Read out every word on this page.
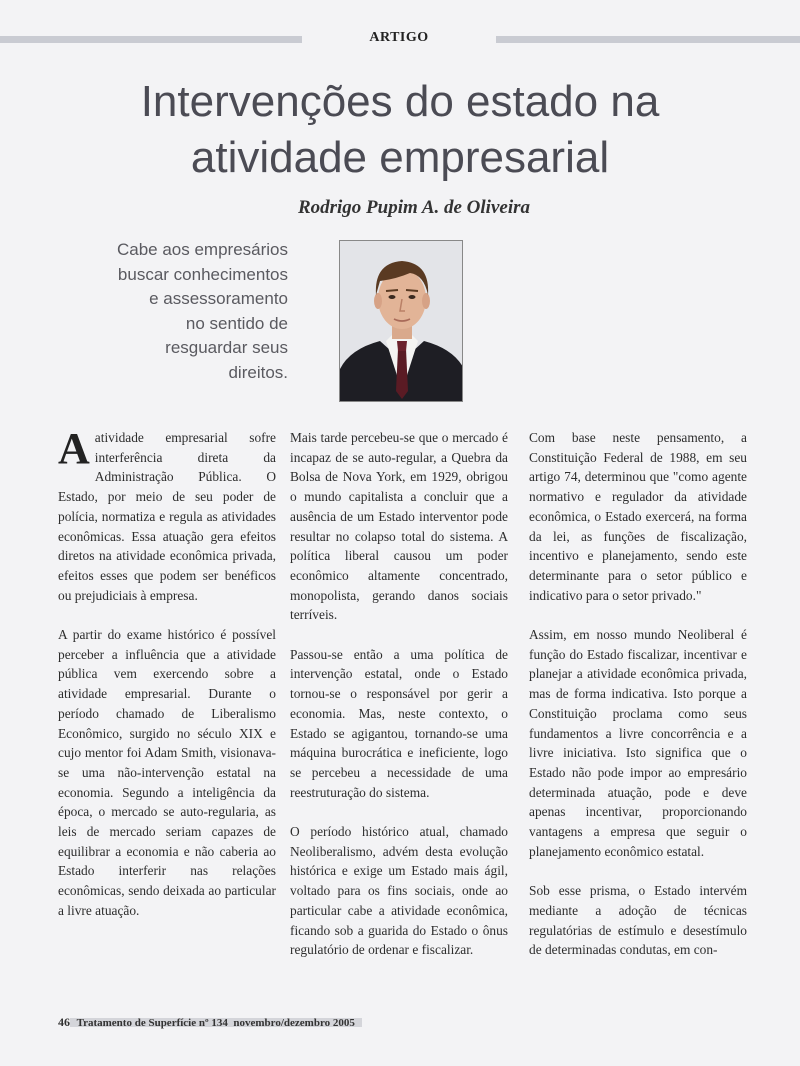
ARTIGO
Intervenções do estado na
atividade empresarial
Rodrigo Pupim A. de Oliveira
Cabe aos empresários
buscar conhecimentos
e assessoramento
no sentido de
resguardar seus
direitos.

Aatividade empresarial sofre interferência direta da Administração Pública. O Estado, por meio de seu poder de polícia, normatiza e regula as atividades econômicas. Essa atuação gera efeitos diretos na atividade econômica privada, efeitos esses que podem ser benéficos ou prejudiciais à empresa.

A partir do exame histórico é possível perceber a influência que a atividade pública vem exercendo sobre a atividade empresarial. Durante o período chamado de Liberalismo Econômico, surgido no século XIX e cujo mentor foi Adam Smith, visionava-se uma não-intervenção estatal na economia. Segundo a inteligência da época, o mercado se auto-regularia, as leis de mercado seriam capazes de equilibrar a economia e não caberia ao Estado interferir nas relações econômicas, sendo deixada ao particular a livre atuação.

Mais tarde percebeu-se que o mercado é incapaz de se auto-regular, a Quebra da Bolsa de Nova York, em 1929, obrigou o mundo capitalista a concluir que a ausência de um Estado interventor pode resultar no colapso total do sistema. A política liberal causou um poder econômico altamente concentrado, monopolista, gerando danos sociais terríveis.

Passou-se então a uma política de intervenção estatal, onde o Estado tornou-se o responsável por gerir a economia. Mas, neste contexto, o Estado se agigantou, tornando-se uma máquina burocrática e ineficiente, logo se percebeu a necessidade de uma reestruturação do sistema.

O período histórico atual, chamado Neoliberalismo, advém desta evolução histórica e exige um Estado mais ágil, voltado para os fins sociais, onde ao particular cabe a atividade econômica, ficando sob a guarida do Estado o ônus regulatório de ordenar e fiscalizar.

Com base neste pensamento, a Constituição Federal de 1988, em seu artigo 74, determinou que "como agente normativo e regulador da atividade econômica, o Estado exercerá, na forma da lei, as funções de fiscalização, incentivo e planejamento, sendo este determinante para o setor público e indicativo para o setor privado."

Assim, em nosso mundo Neoliberal é função do Estado fiscalizar, incentivar e planejar a atividade econômica privada, mas de forma indicativa. Isto porque a Constituição proclama como seus fundamentos a livre concorrência e a livre iniciativa. Isto significa que o Estado não pode impor ao empresário determinada atuação, pode e deve apenas incentivar, proporcionando vantagens a empresa que seguir o planejamento econômico estatal.

Sob esse prisma, o Estado intervém mediante a adoção de técnicas regulatórias de estímulo e desestímulo de determinadas condutas, em con-

46 Tratamento de Superfície nº 134 novembro/dezembro 2005
